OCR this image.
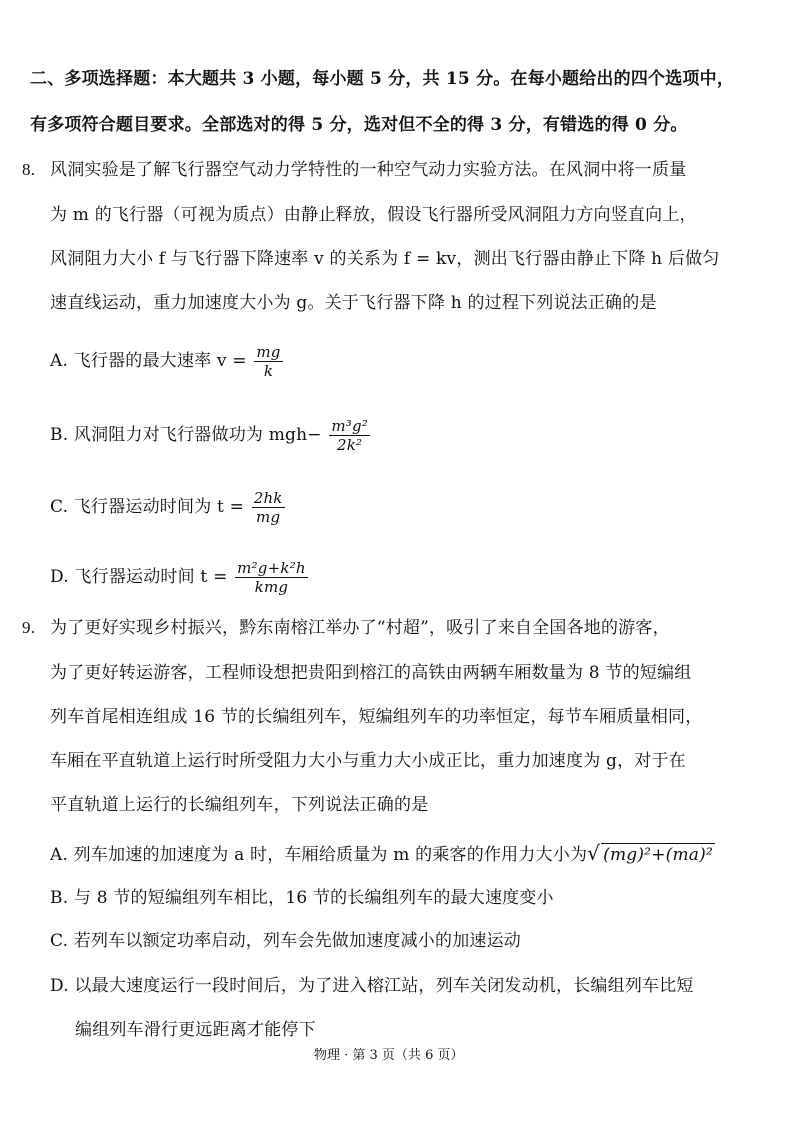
二、多项选择题：本大题共 3 小题，每小题 5 分，共 15 分。在每小题给出的四个选项中，
有多项符合题目要求。全部选对的得 5 分，选对但不全的得 3 分，有错选的得 0 分。
8. 风洞实验是了解飞行器空气动力学特性的一种空气动力实验方法。在风洞中将一质量
为 m 的飞行器（可视为质点）由静止释放，假设飞行器所受风洞阻力方向竖直向上，
风洞阻力大小 f 与飞行器下降速率 v 的关系为 f = kv，测出飞行器由静止下降 h 后做匀
速直线运动，重力加速度大小为 g。关于飞行器下降 h 的过程下列说法正确的是
A. 飞行器的最大速率 $v = \frac{mg}{k}$
B. 风洞阻力对飞行器做功为 $mgh- \frac{\text{m³g²}}{\text{2k²}}$
C. 飞行器运动时间为 $t = \frac{2hk}{mg}$
D. 飞行器运动时间 $t = \frac{\text{m²g+k²h}}{\text{kmg}}$
9. 为了更好实现乡村振兴，黔东南榕江举办了“村超”，吸引了来自全国各地的游客，
为了更好转运游客，工程师设想把贵阳到榕江的高铁由两辆车厢数量为 8 节的短编组
列车首尾相连组成 16 节的长编组列车，短编组列车的功率恒定，每节车厢质量相同，
车厢在平直轨道上运行时所受阻力大小与重力大小成正比，重力加速度为 g，对于在
平直轨道上运行的长编组列车，下列说法正确的是
A. 列车加速的加速度为 a 时，车厢给质量为 m 的乘客的作用力大小为√ (mg)²+(ma)²
B. 与 8 节的短编组列车相比，16 节的长编组列车的最大速度变小
C. 若列车以额定功率启动，列车会先做加速度减小的加速运动
D. 以最大速度运行一段时间后，为了进入榕江站，列车关闭发动机，长编组列车比短
编组列车滑行更远距离才能停下
物理 · 第 3 页（共 6 页）
